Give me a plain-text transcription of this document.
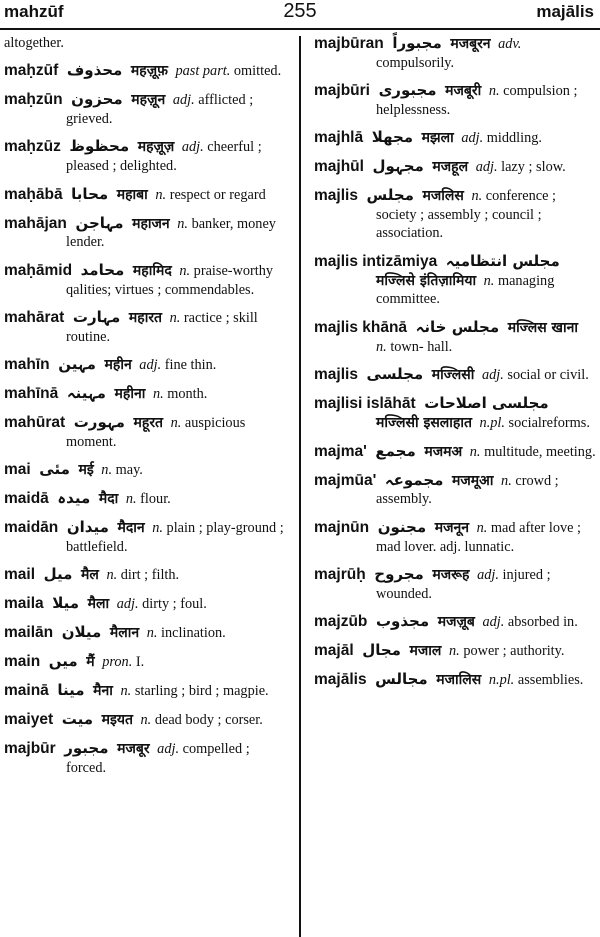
mahzūf	255	majālis
altogether.
maḥzūf محذوف महज़ूफ़ past part. omitted.
maḥzūn محزون महज़ून adj. afflicted ; grieved.
maḥzūz محظوظ महज़ूज़ adj. cheerful ; pleased ; delighted.
maḥābā محابا महाबा n. respect or regard
mahājan مہاجن महाजन n. banker, money lender.
maḥāmid محامد महामिद n. praise-worthy qalities; virtues ; commendables.
mahārat مہارت महारत n. ractice ; skill routine.
mahīn مہین महीन adj. fine thin.
mahīnā مہینہ महीना n. month.
mahūrat مہورت महूरत n. auspicious moment.
mai مئی मई n. may.
maidā میدہ मैदा n. flour.
maidān میدان मैदान n. plain ; play-ground ; battlefield.
mail میل मैल n. dirt ; filth.
maila میلا मैला adj. dirty ; foul.
mailān میلان मैलान n. inclination.
main میں मैं pron. I.
mainā مینا मैना n. starling ; bird ; magpie.
maiyet میت मइयत n. dead body ; corser.
majbūr مجبور मजबूर adj. compelled ; forced.
majbūran مجبوراً मजबूरन adv. compulsorily.
majbūri مجبوری मजबूरी n. compulsion ; helplessness.
majhlā مجھلا मझला adj. middling.
majhūl مجہول मजहूल adj. lazy ; slow.
majlis مجلس मजलिस n. conference ; society ; assembly ; council ; association.
majlis intizāmiya مجلس انتظامیہ मज्लिसे इंतिज़ामिया n. managing committee.
majlis khānā مجلس خانہ मज्लिस खाना n. town- hall.
majlis مجلسی मज्लिसी adj. social or civil.
majlisi islāhāt مجلسی اصلاحات मज्लिसी इसलाहात n.pl. socialreforms.
majma' مجمع मजमअ n. multitude, meeting.
majmūa' مجموعہ मजमूआ n. crowd ; assembly.
majnūn مجنون मजनून n. mad after love ; mad lover. adj. lunnatic.
majrūḥ مجروح मजरूह adj. injured ; wounded.
majzūb مجذوب मजज़ूब adj. absorbed in.
majāl مجال मजाल n. power ; authority.
majālis مجالس मजालिस n.pl. assemblies.
